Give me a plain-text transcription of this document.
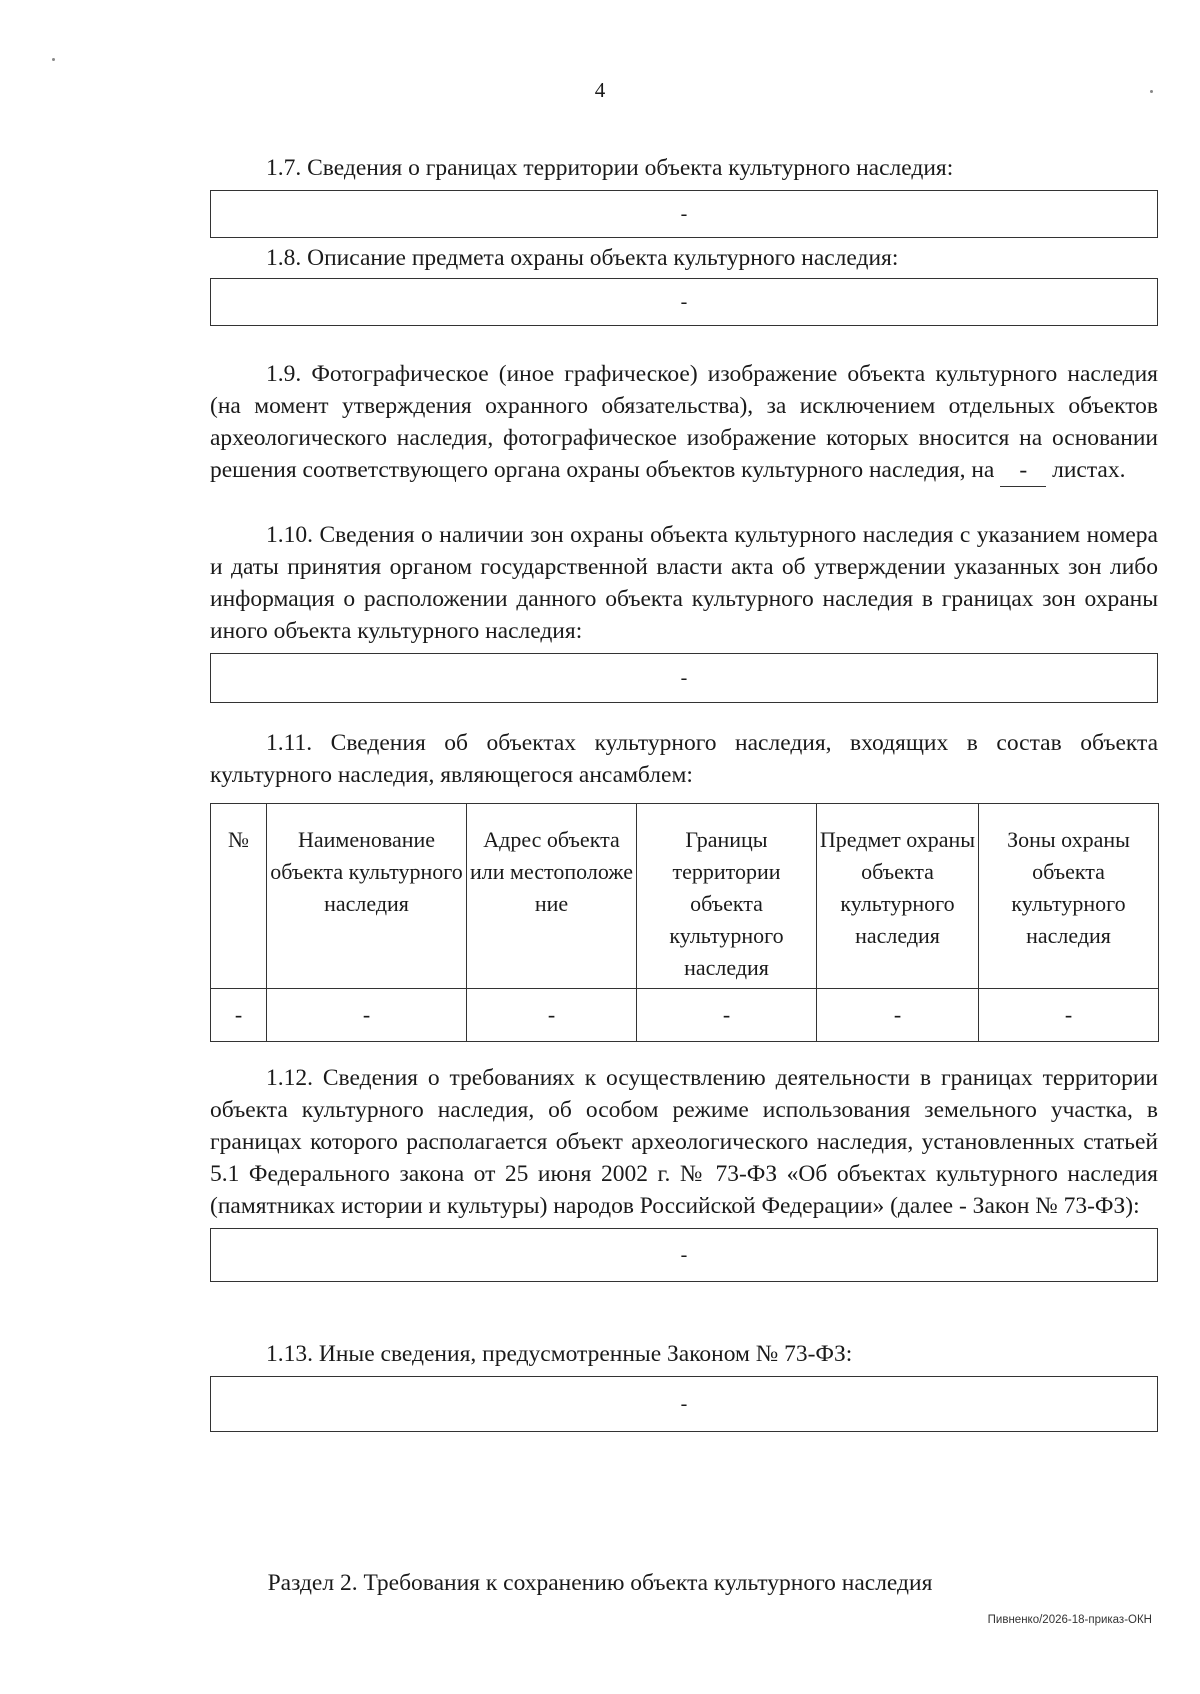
4

1.7. Сведения о границах территории объекта культурного наследия:

-

1.8. Описание предмета охраны объекта культурного наследия:

-

1.9. Фотографическое (иное графическое) изображение объекта культурного наследия (на момент утверждения охранного обязательства), за исключением отдельных объектов археологического наследия, фотографическое изображение которых вносится на основании решения соответствующего органа охраны объектов культурного наследия, на - листах.

1.10. Сведения о наличии зон охраны объекта культурного наследия с указанием номера и даты принятия органом государственной власти акта об утверждении указанных зон либо информация о расположении данного объекта культурного наследия в границах зон охраны иного объекта культурного наследия:

-

1.11. Сведения об объектах культурного наследия, входящих в состав объекта культурного наследия, являющегося ансамблем:

№	Наименование объекта культурного наследия	Адрес объекта или местоположе ние	Границы территории объекта культурного наследия	Предмет охраны объекта культурного наследия	Зоны охраны объекта культурного наследия
-	-	-	-	-	-

1.12. Сведения о требованиях к осуществлению деятельности в границах территории объекта культурного наследия, об особом режиме использования земельного участка, в границах которого располагается объект археологического наследия, установленных статьей 5.1 Федерального закона от 25 июня 2002 г. № 73-ФЗ «Об объектах культурного наследия (памятниках истории и культуры) народов Российской Федерации» (далее - Закон № 73-ФЗ):

-

1.13. Иные сведения, предусмотренные Законом № 73-ФЗ:

-
Раздел 2. Требования к сохранению объекта культурного наследия
Пивненко/2026-18-приказ-ОКН
